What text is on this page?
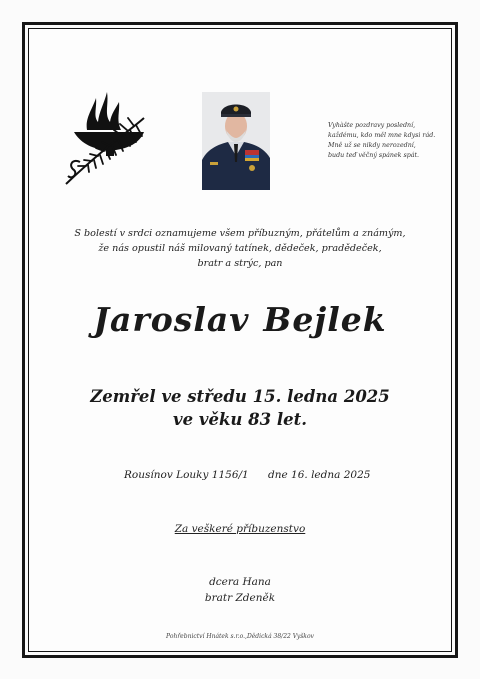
Vyhàšte pozdravy poslední,
každému, kdo měl mne kdysi rád.
Mně už se nikdy nerozední,
budu teď věčný spánek spát.
S bolestí v srdci oznamujeme všem příbuzným, přátelům a známým,
že nás opustil náš milovaný tatínek, dědeček, pradědeček,
bratr a strýc, pan
Jaroslav Bejlek
Zemřel ve středu 15. ledna 2025
ve věku 83 let.
Rousínov Louky 1156/1 dne 16. ledna 2025
Za veškeré příbuzenstvo
dcera Hana
bratr Zdeněk
Pohřebnictví Hnátek s.r.o.,Dědická 38/22 Vyškov
